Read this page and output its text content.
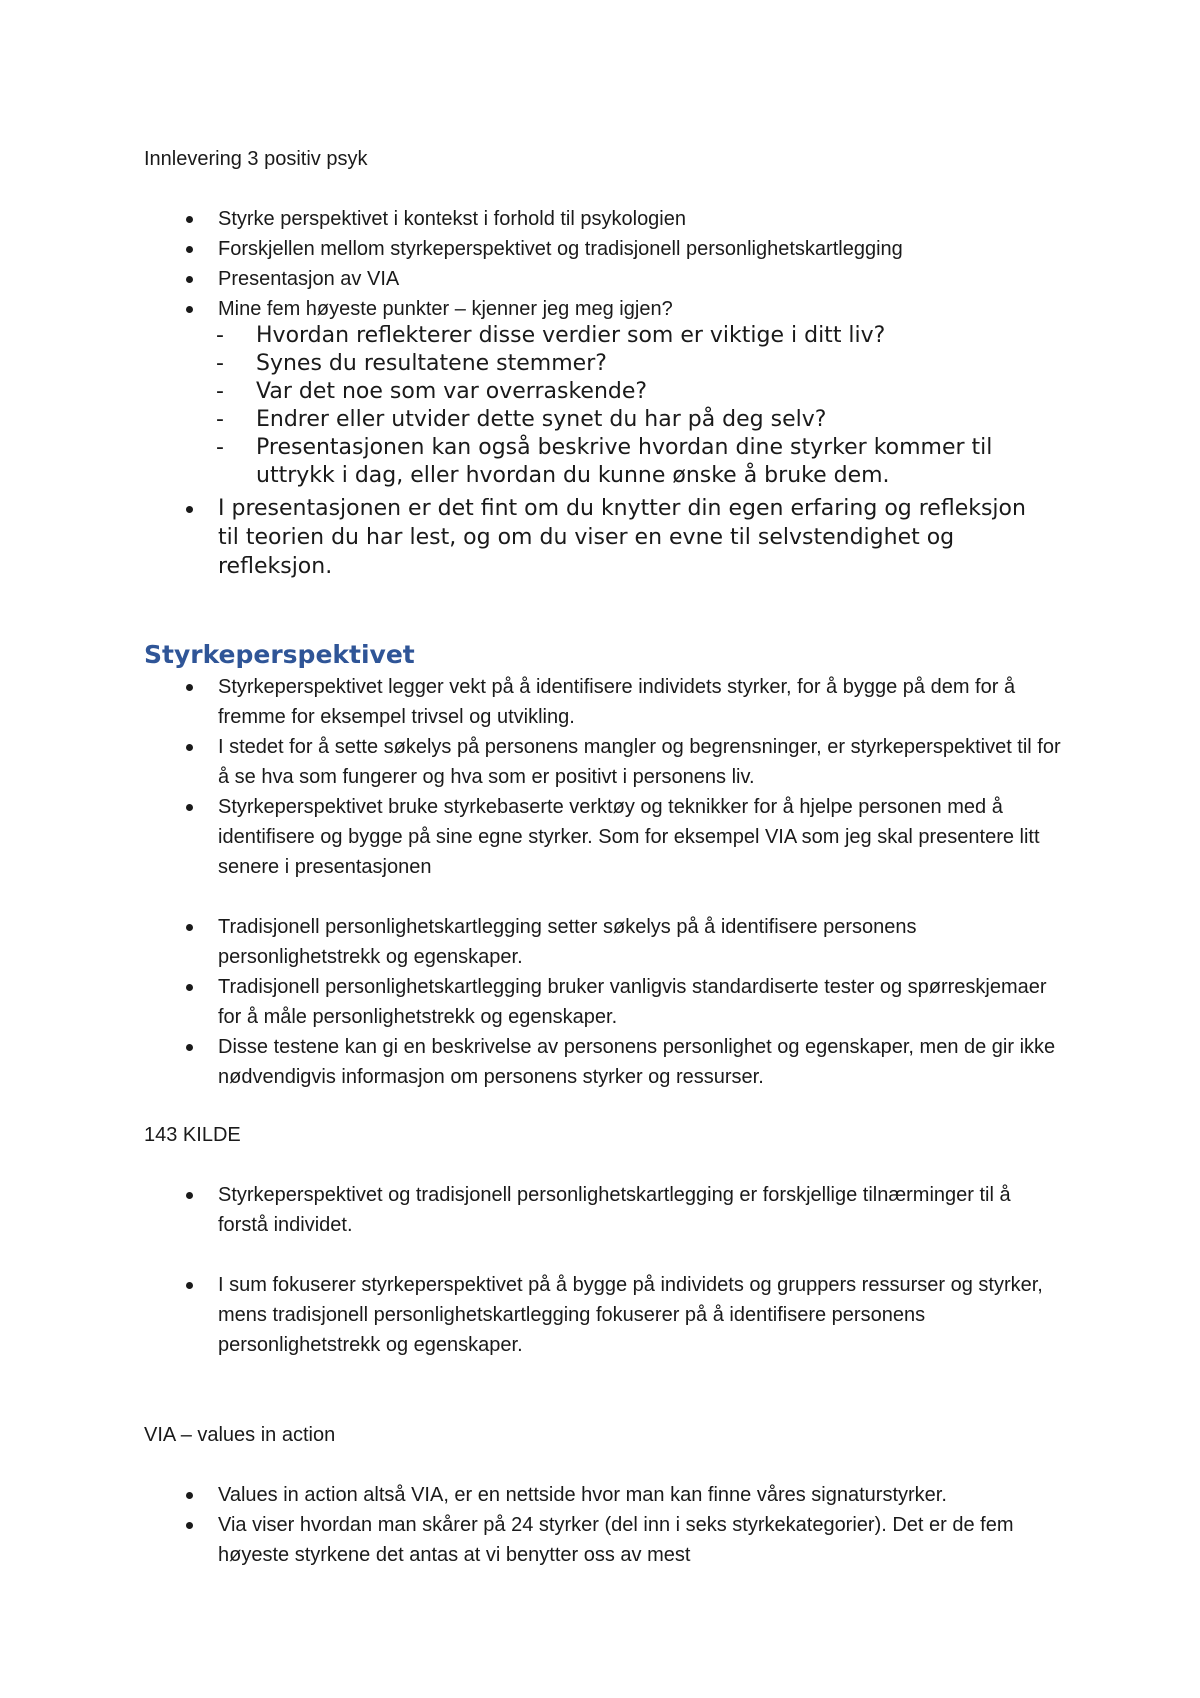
Innlevering 3 positiv psyk

Styrke perspektivet i kontekst i forhold til psykologien
Forskjellen mellom styrkeperspektivet og tradisjonell personlighetskartlegging
Presentasjon av VIA
Mine fem høyeste punkter – kjenner jeg meg igjen?
- Hvordan reflekterer disse verdier som er viktige i ditt liv?
- Synes du resultatene stemmer?
- Var det noe som var overraskende?
- Endrer eller utvider dette synet du har på deg selv?
- Presentasjonen kan også beskrive hvordan dine styrker kommer til uttrykk i dag, eller hvordan du kunne ønske å bruke dem.
I presentasjonen er det fint om du knytter din egen erfaring og refleksjon til teorien du har lest, og om du viser en evne til selvstendighet og refleksjon.
Styrkeperspektivet
Styrkeperspektivet legger vekt på å identifisere individets styrker, for å bygge på dem for å fremme for eksempel trivsel og utvikling.
I stedet for å sette søkelys på personens mangler og begrensninger, er styrkeperspektivet til for å se hva som fungerer og hva som er positivt i personens liv.
Styrkeperspektivet bruke styrkebaserte verktøy og teknikker for å hjelpe personen med å identifisere og bygge på sine egne styrker. Som for eksempel VIA som jeg skal presentere litt senere i presentasjonen
Tradisjonell personlighetskartlegging setter søkelys på å identifisere personens personlighetstrekk og egenskaper.
Tradisjonell personlighetskartlegging bruker vanligvis standardiserte tester og spørreskjemaer for å måle personlighetstrekk og egenskaper.
Disse testene kan gi en beskrivelse av personens personlighet og egenskaper, men de gir ikke nødvendigvis informasjon om personens styrker og ressurser.

143 KILDE

Styrkeperspektivet og tradisjonell personlighetskartlegging er forskjellige tilnærminger til å forstå individet.
I sum fokuserer styrkeperspektivet på å bygge på individets og gruppers ressurser og styrker, mens tradisjonell personlighetskartlegging fokuserer på å identifisere personens personlighetstrekk og egenskaper.

VIA – values in action

Values in action altså VIA, er en nettside hvor man kan finne våres signaturstyrker.
Via viser hvordan man skårer på 24 styrker (del inn i seks styrkekategorier). Det er de fem høyeste styrkene det antas at vi benytter oss av mest
